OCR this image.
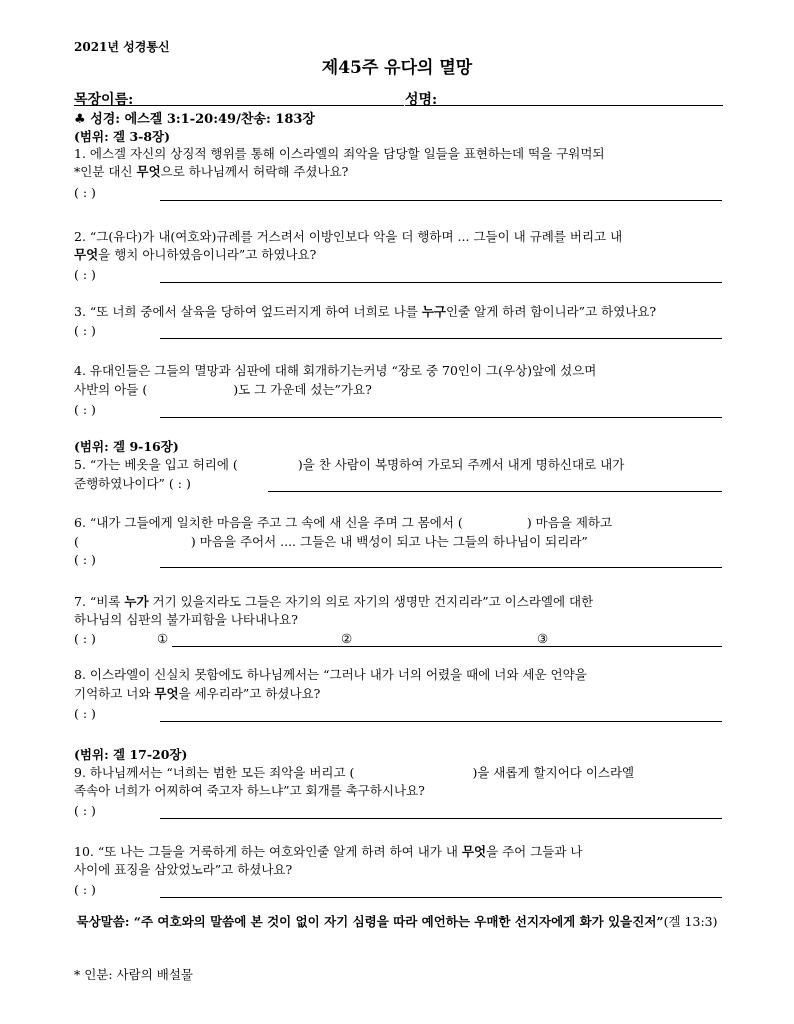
2021년 성경통신
제45주 유다의 멸망
목장이름:	성명:
♣ 성경: 에스겔 3:1-20:49/찬송: 183장
(범위: 겔 3-8장)
1. 에스겔 자신의 상징적 행위를 통해 이스라엘의 죄악을 담당할 일들을 표현하는데 떡을 구워먹되
*인분 대신 무엇으로 하나님께서 허락해 주셨나요?
( : )
2. “그(유다)가 내(여호와)규례를 거스려서 이방인보다 악을 더 행하며 ... 그들이 내 규례를 버리고 내
무엇을 행치 아니하였음이니라”고 하였나요?
( : )
3. “또 너희 중에서 살육을 당하여 엎드러지게 하여 너희로 나를 누구인줄 알게 하려 함이니라”고 하였나요?
( : )
4. 유대인들은 그들의 멸망과 심판에 대해 회개하기는커녕 “장로 중 70인이 그(우상)앞에 섰으며
사반의 아들 (	)도 그 가운데 섰는”가요?
( : )
(범위: 겔 9-16장)
5. “가는 베옷을 입고 허리에 (	)을 찬 사람이 복명하여 가로되 주께서 내게 명하신대로 내가
준행하였나이다” ( : )
6. “내가 그들에게 일치한 마음을 주고 그 속에 새 신을 주며 그 몸에서 (	) 마음을 제하고
(	) 마음을 주어서 .... 그들은 내 백성이 되고 나는 그들의 하나님이 되리라”
( : )
7. “비록 누가 거기 있을지라도 그들은 자기의 의로 자기의 생명만 건지리라”고 이스라엘에 대한
하나님의 심판의 불가피함을 나타내나요?
( : )	①	②	③
8. 이스라엘이 신실치 못함에도 하나님께서는 “그러나 내가 너의 어렸을 때에 너와 세운 언약을
기억하고 너와 무엇을 세우리라”고 하셨나요?
( : )
(범위: 겔 17-20장)
9. 하나님께서는 “너희는 범한 모든 죄악을 버리고 (	)을 새롭게 할지어다 이스라엘
족속아 너희가 어찌하여 죽고자 하느냐”고 회개를 촉구하시나요?
( : )
10. “또 나는 그들을 거룩하게 하는 여호와인줄 알게 하려 하여 내가 내 무엇을 주어 그들과 나
사이에 표징을 삼았었노라”고 하셨나요?
( : )
묵상말씀: “주 여호와의 말씀에 본 것이 없이 자기 심령을 따라 예언하는 우매한 선지자에게 화가 있을진저”(겔 13:3)
* 인분: 사람의 배설물
